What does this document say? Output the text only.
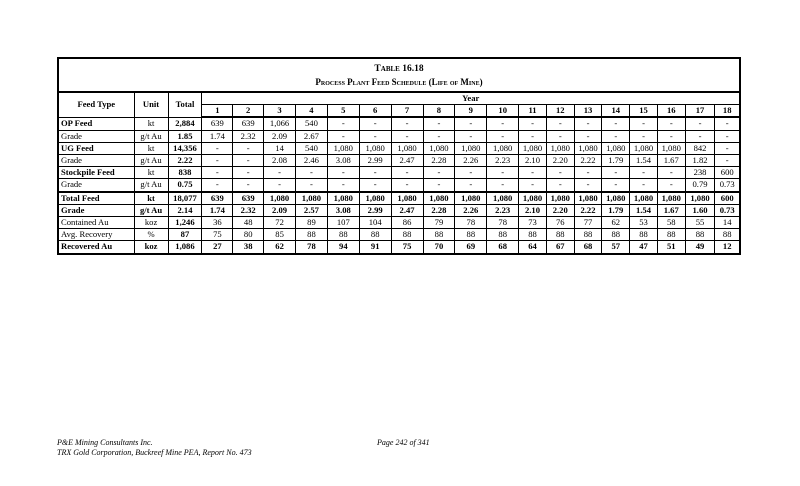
Table 16.18
Process Plant Feed Schedule (Life of Mine)																				

Feed Type	Unit	Total	Year																	
			1	2	3	4	5	6	7	8	9	10	11	12	13	14	15	16	17	18
OP Feed	kt	2,884	639	639	1,066	540	-	-	-	-	-	-	-	-	-	-	-	-	-	-
Grade	g/t Au	1.85	1.74	2.32	2.09	2.67	-	-	-	-	-	-	-	-	-	-	-	-	-	-
UG Feed	kt	14,356	-	-	14	540	1,080	1,080	1,080	1,080	1,080	1,080	1,080	1,080	1,080	1,080	1,080	1,080	842	-
Grade	g/t Au	2.22	-	-	2.08	2.46	3.08	2.99	2.47	2.28	2.26	2.23	2.10	2.20	2.22	1.79	1.54	1.67	1.82	-
Stockpile Feed	kt	838	-	-	-	-	-	-	-	-	-	-	-	-	-	-	-	-	238	600
Grade	g/t Au	0.75	-	-	-	-	-	-	-	-	-	-	-	-	-	-	-	-	0.79	0.73
Total Feed	kt	18,077	639	639	1,080	1,080	1,080	1,080	1,080	1,080	1,080	1,080	1,080	1,080	1,080	1,080	1,080	1,080	1,080	600
Grade	g/t Au	2.14	1.74	2.32	2.09	2.57	3.08	2.99	2.47	2.28	2.26	2.23	2.10	2.20	2.22	1.79	1.54	1.67	1.60	0.73
Contained Au	koz	1,246	36	48	72	89	107	104	86	79	78	78	73	76	77	62	53	58	55	14
Avg. Recovery	%	87	75	80	85	88	88	88	88	88	88	88	88	88	88	88	88	88	88	88
Recovered Au	koz	1,086	27	38	62	78	94	91	75	70	69	68	64	67	68	57	47	51	49	12
P&E Mining Consultants Inc.
TRX Gold Corporation, Buckreef Mine PEA, Report No. 473
Page 242 of 341
